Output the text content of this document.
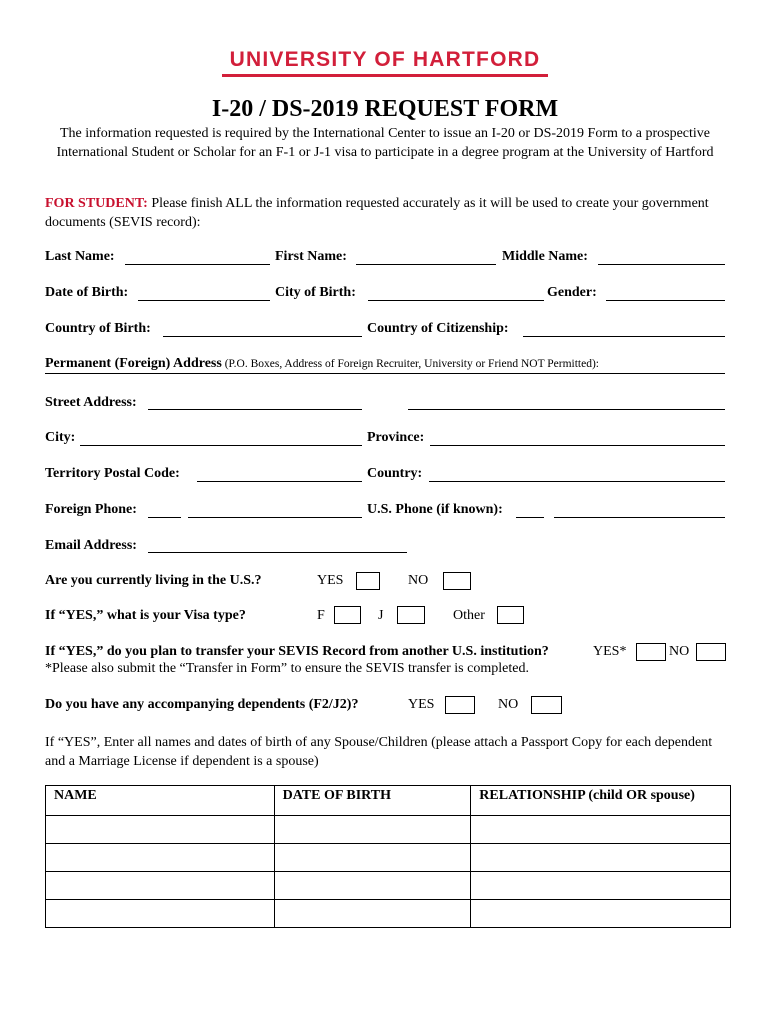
UNIVERSITY OF HARTFORD
I-20 / DS-2019 REQUEST FORM
The information requested is required by the International Center to issue an I-20 or DS-2019 Form to a prospective International Student or Scholar for an F-1 or J-1 visa to participate in a degree program at the University of Hartford
FOR STUDENT: Please finish ALL the information requested accurately as it will be used to create your government documents (SEVIS record):
Last Name:	First Name:	Middle Name:
Date of Birth:	City of Birth:	Gender:
Country of Birth:	Country of Citizenship:
Permanent (Foreign) Address (P.O. Boxes, Address of Foreign Recruiter, University or Friend NOT Permitted):
Street Address:
City:	Province:
Territory Postal Code:	Country:
Foreign Phone:	U.S. Phone (if known):
Email Address:
Are you currently living in the U.S.?	YES	NO
If “YES,” what is your Visa type?	F	J	Other
If “YES,” do you plan to transfer your SEVIS Record from another U.S. institution?	YES*	NO
*Please also submit the “Transfer in Form” to ensure the SEVIS transfer is completed.
Do you have any accompanying dependents (F2/J2)?	YES	NO
If “YES”, Enter all names and dates of birth of any Spouse/Children (please attach a Passport Copy for each dependent and a Marriage License if dependent is a spouse)
NAME	DATE OF BIRTH	RELATIONSHIP (child OR spouse)
